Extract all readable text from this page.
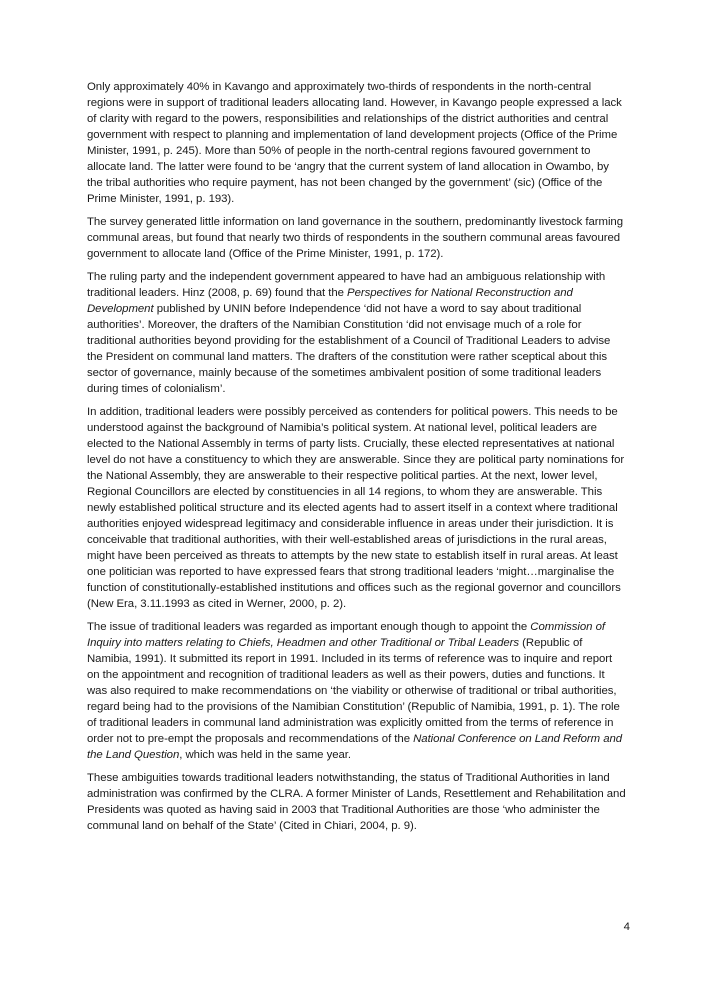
Only approximately 40% in Kavango and approximately two-thirds of respondents in the north-central regions were in support of traditional leaders allocating land. However, in Kavango people expressed a lack of clarity with regard to the powers, responsibilities and relationships of the district authorities and central government with respect to planning and implementation of land development projects (Office of the Prime Minister, 1991, p. 245). More than 50% of people in the north-central regions favoured government to allocate land. The latter were found to be ‘angry that the current system of land allocation in Owambo, by the tribal authorities who require payment, has not been changed by the government’ (sic) (Office of the Prime Minister, 1991, p. 193).

The survey generated little information on land governance in the southern, predominantly livestock farming communal areas, but found that nearly two thirds of respondents in the southern communal areas favoured government to allocate land (Office of the Prime Minister, 1991, p. 172).

The ruling party and the independent government appeared to have had an ambiguous relationship with traditional leaders. Hinz (2008, p. 69) found that the Perspectives for National Reconstruction and Development published by UNIN before Independence ‘did not have a word to say about traditional authorities’. Moreover, the drafters of the Namibian Constitution ‘did not envisage much of a role for traditional authorities beyond providing for the establishment of a Council of Traditional Leaders to advise the President on communal land matters. The drafters of the constitution were rather sceptical about this sector of governance, mainly because of the sometimes ambivalent position of some traditional leaders during times of colonialism’.

In addition, traditional leaders were possibly perceived as contenders for political powers. This needs to be understood against the background of Namibia’s political system. At national level, political leaders are elected to the National Assembly in terms of party lists. Crucially, these elected representatives at national level do not have a constituency to which they are answerable. Since they are political party nominations for the National Assembly, they are answerable to their respective political parties. At the next, lower level, Regional Councillors are elected by constituencies in all 14 regions, to whom they are answerable. This newly established political structure and its elected agents had to assert itself in a context where traditional authorities enjoyed widespread legitimacy and considerable influence in areas under their jurisdiction. It is conceivable that traditional authorities, with their well-established areas of jurisdictions in the rural areas, might have been perceived as threats to attempts by the new state to establish itself in rural areas. At least one politician was reported to have expressed fears that strong traditional leaders ‘might…marginalise the function of constitutionally-established institutions and offices such as the regional governor and councillors (New Era, 3.11.1993 as cited in Werner, 2000, p. 2).

The issue of traditional leaders was regarded as important enough though to appoint the Commission of Inquiry into matters relating to Chiefs, Headmen and other Traditional or Tribal Leaders (Republic of Namibia, 1991). It submitted its report in 1991. Included in its terms of reference was to inquire and report on the appointment and recognition of traditional leaders as well as their powers, duties and functions. It was also required to make recommendations on ‘the viability or otherwise of traditional or tribal authorities, regard being had to the provisions of the Namibian Constitution’ (Republic of Namibia, 1991, p. 1). The role of traditional leaders in communal land administration was explicitly omitted from the terms of reference in order not to pre-empt the proposals and recommendations of the National Conference on Land Reform and the Land Question, which was held in the same year.

These ambiguities towards traditional leaders notwithstanding, the status of Traditional Authorities in land administration was confirmed by the CLRA. A former Minister of Lands, Resettlement and Rehabilitation and Presidents was quoted as having said in 2003 that Traditional Authorities are those ‘who administer the communal land on behalf of the State’ (Cited in Chiari, 2004, p. 9).

4
